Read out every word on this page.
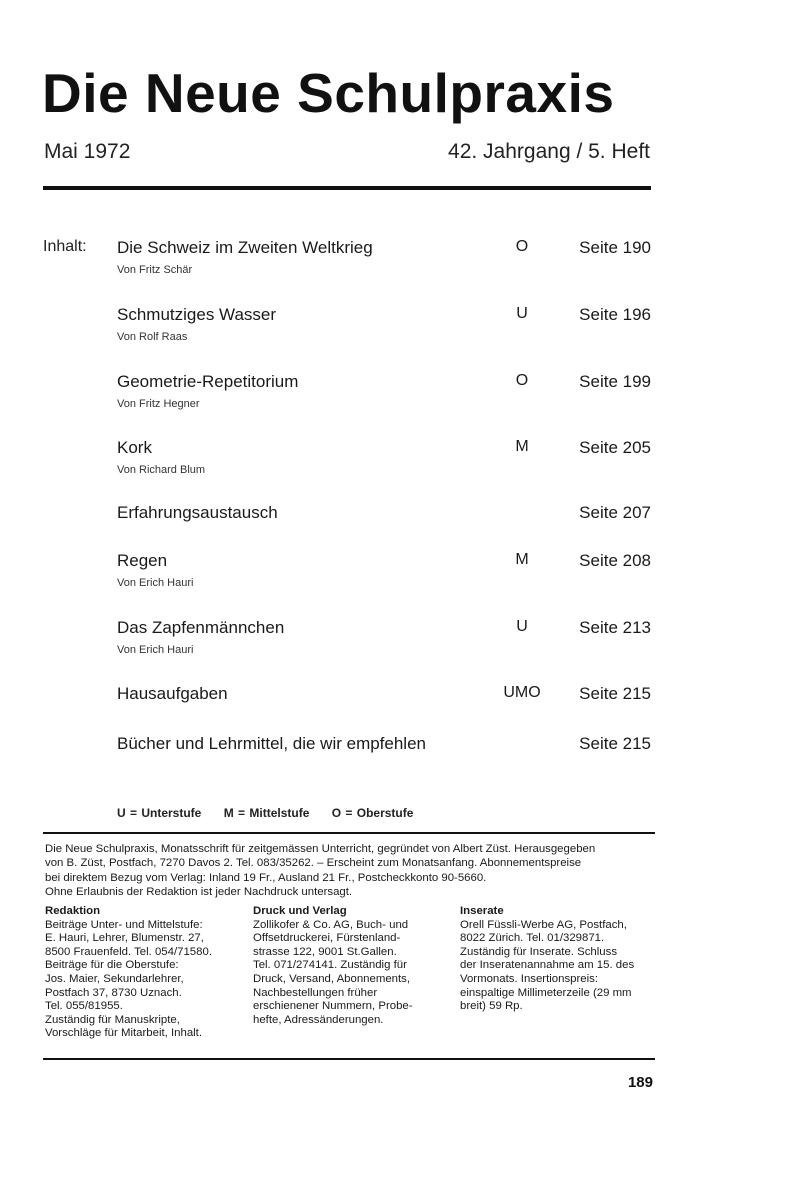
Die Neue Schulpraxis
Mai 1972	42. Jahrgang / 5. Heft
Inhalt: Die Schweiz im Zweiten Weltkrieg
Von Fritz Schär
O	Seite 190
Schmutziges Wasser
Von Rolf Raas
U	Seite 196
Geometrie-Repetitorium
Von Fritz Hegner
O	Seite 199
Kork
Von Richard Blum
M	Seite 205
Erfahrungsaustausch	Seite 207
Regen
Von Erich Hauri
M	Seite 208
Das Zapfenmännchen
Von Erich Hauri
U	Seite 213
Hausaufgaben	UMO	Seite 215
Bücher und Lehrmittel, die wir empfehlen	Seite 215
U = Unterstufe M = Mittelstufe O = Oberstufe

Die Neue Schulpraxis, Monatsschrift für zeitgemässen Unterricht, gegründet von Albert Züst. Herausgegeben

von B. Züst, Postfach, 7270 Davos 2. Tel. 083/35262. – Erscheint zum Monatsanfang. Abonnementspreise

bei direktem Bezug vom Verlag: Inland 19 Fr., Ausland 21 Fr., Postcheckkonto 90-5660.

Ohne Erlaubnis der Redaktion ist jeder Nachdruck untersagt.

Redaktion
Beiträge Unter- und Mittelstufe:
E. Hauri, Lehrer, Blumenstr. 27,
8500 Frauenfeld. Tel. 054/71580.
Beiträge für die Oberstufe:
Jos. Maier, Sekundarlehrer,
Postfach 37, 8730 Uznach.
Tel. 055/81955.
Zuständig für Manuskripte,
Vorschläge für Mitarbeit, Inhalt.
Druck und Verlag
Zollikofer & Co. AG, Buch- und
Offsetdruckerei, Fürstenland-
strasse 122, 9001 St.Gallen.
Tel. 071/274141. Zuständig für
Druck, Versand, Abonnements,
Nachbestellungen früher
erschienener Nummern, Probe-
hefte, Adressänderungen.
Inserate
Orell Füssli-Werbe AG, Postfach,
8022 Zürich. Tel. 01/329871.
Zuständig für Inserate. Schluss
der Inseratenannahme am 15. des
Vormonats. Insertionspreis:
einspaltige Millimeterzeile (29 mm
breit) 59 Rp.
189
